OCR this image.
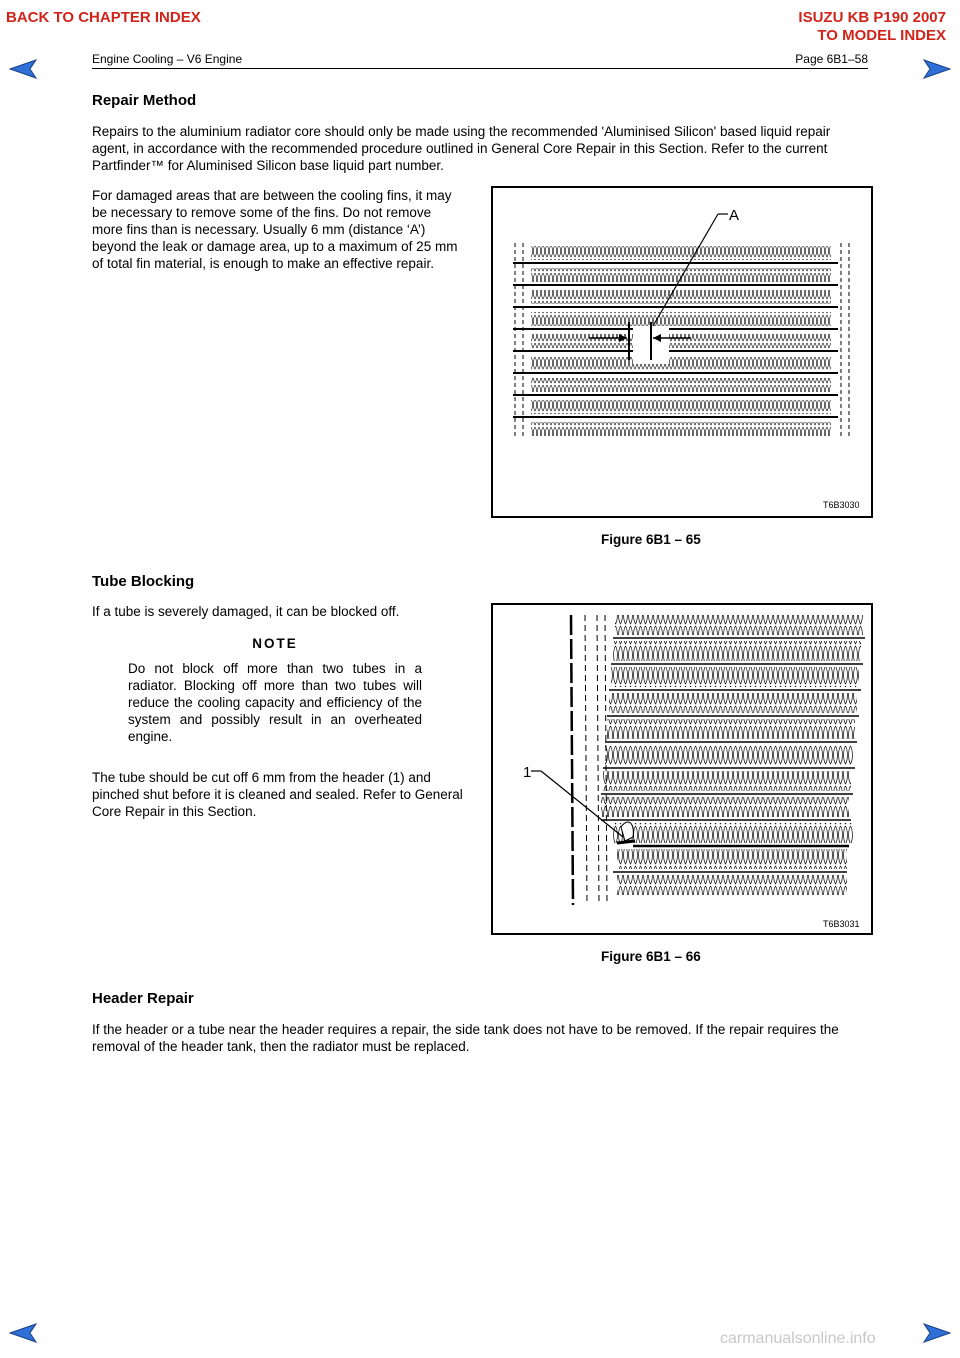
BACK TO CHAPTER INDEX	ISUZU KB P190 2007
TO MODEL INDEX
Engine Cooling – V6 Engine	Page 6B1–58
Repair Method

Repairs to the aluminium radiator core should only be made using the recommended 'Aluminised Silicon' based liquid repair agent, in accordance with the recommended procedure outlined in General Core Repair in this Section. Refer to the current Partfinder™ for Aluminised Silicon base liquid part number.

For damaged areas that are between the cooling fins, it may be necessary to remove some of the fins. Do not remove more fins than is necessary. Usually 6 mm (distance ‘A’) beyond the leak or damage area, up to a maximum of 25 mm of total fin material, is enough to make an effective repair.

A
T6B3030
Figure 6B1 – 65
Tube Blocking

If a tube is severely damaged, it can be blocked off.

NOTE
Do not block off more than two tubes in a radiator. Blocking off more than two tubes will reduce the cooling capacity and efficiency of the system and possibly result in an overheated engine.

The tube should be cut off 6 mm from the header (1) and pinched shut before it is cleaned and sealed. Refer to General Core Repair in this Section.

1
T6B3031
Figure 6B1 – 66
Header Repair

If the header or a tube near the header requires a repair, the side tank does not have to be removed. If the repair requires the removal of the header tank, then the radiator must be replaced.

carmanualsonline.info
